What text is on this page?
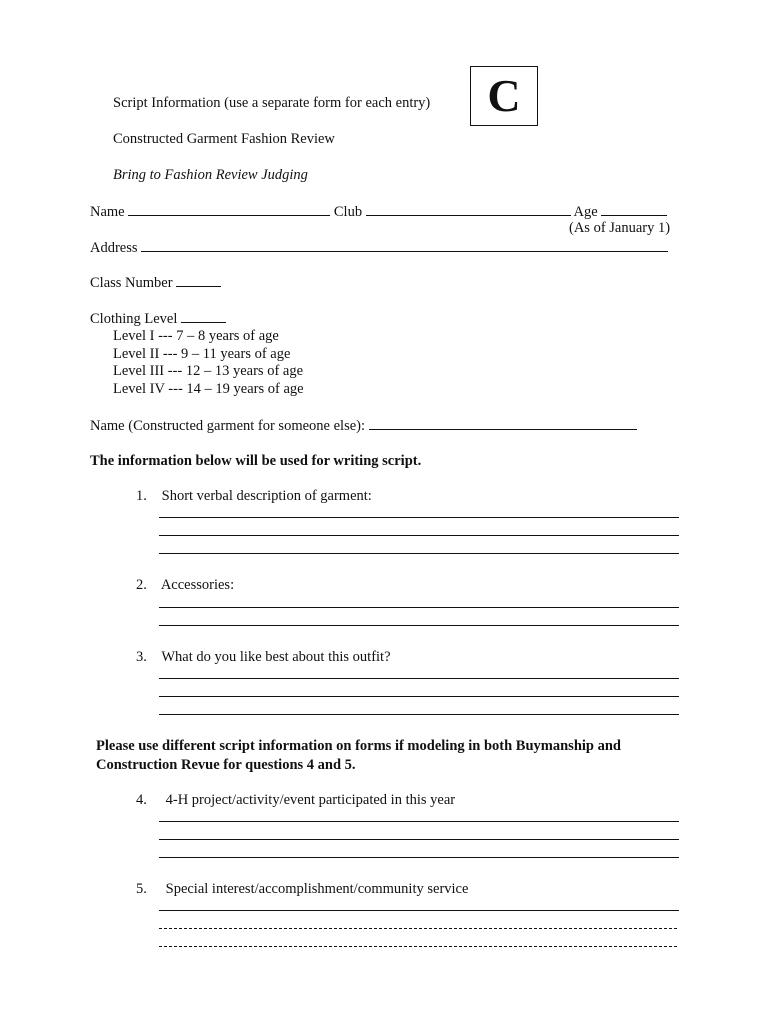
Script Information (use a separate form for each entry)	C
Constructed Garment Fashion Review
Bring to Fashion Review Judging
Name	Club	Age
(As of January 1)
Address
Class Number
Clothing Level
Level I --- 7 – 8 years of age
Level II --- 9 – 11 years of age
Level III --- 12 – 13 years of age
Level IV --- 14 – 19 years of age
Name (Constructed garment for someone else):
The information below will be used for writing script.
1. Short verbal description of garment:
2. Accessories:
3. What do you like best about this outfit?
Please use different script information on forms if modeling in both Buymanship and
Construction Revue for questions 4 and 5.
4. 4-H project/activity/event participated in this year
5. Special interest/accomplishment/community service
